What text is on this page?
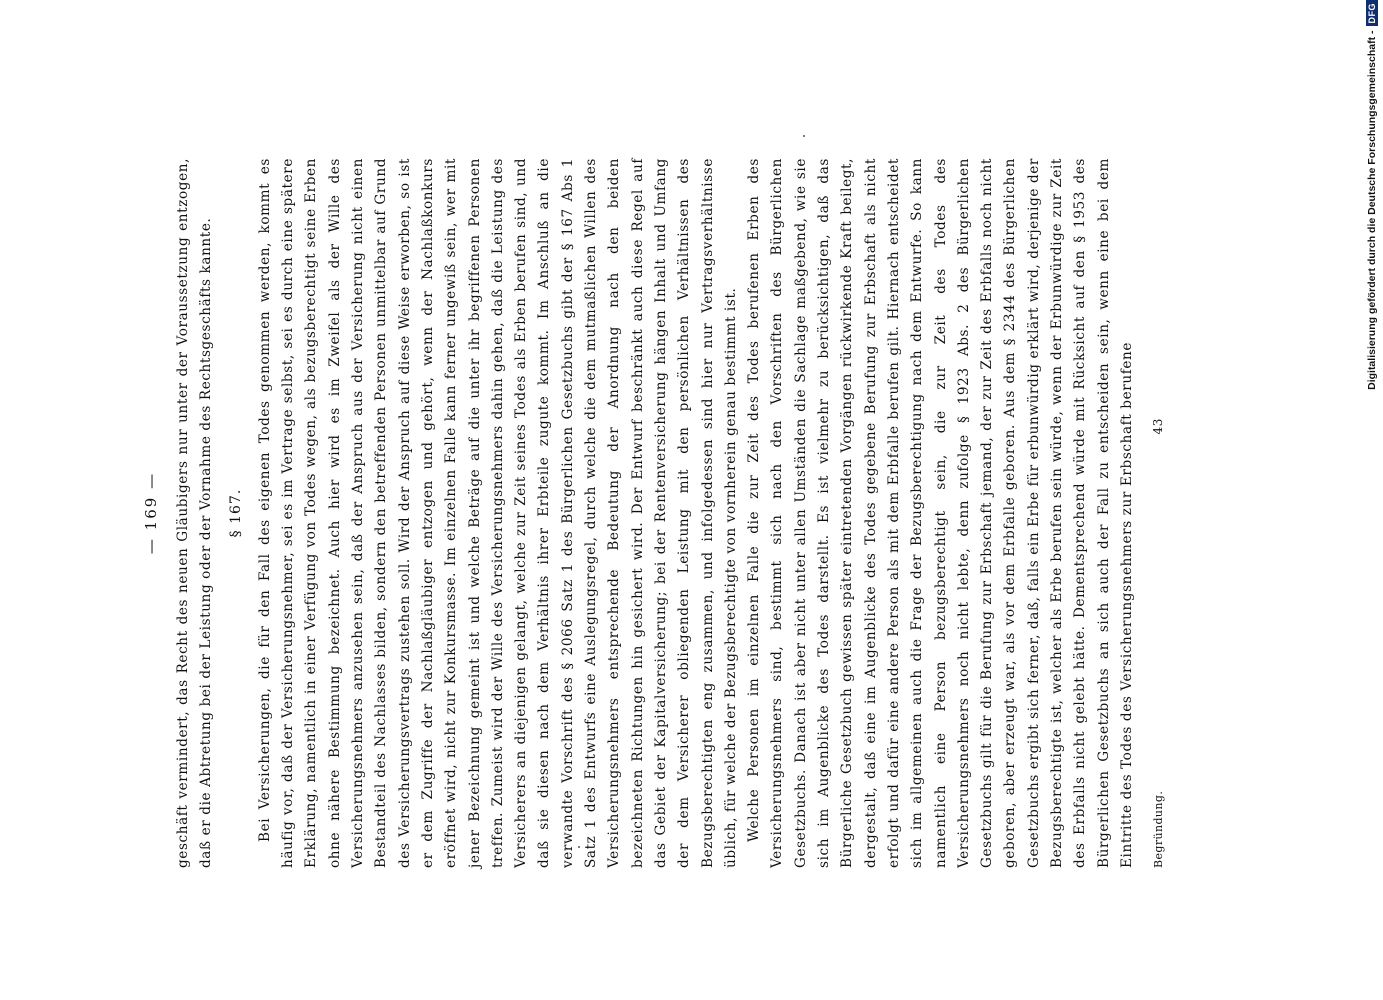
— 169 —	geschäft vermindert, das Recht des neuen Gläubigers nur unter der Voraussetzung entzogen, daß er die Abtretung bei der Leistung oder der Vornahme des Rechtsgeschäfts kannte. § 167. Bei Versicherungen, die für den Fall des eigenen Todes genommen werden, kommt es häufig vor, daß der Versicherungsnehmer, sei es im Vertrage selbst, sei es durch eine spätere Erklärung, namentlich in einer Verfügung von Todes wegen, als bezugsberechtigt seine Erben ohne nähere Bestimmung bezeichnet. Auch hier wird es im Zweifel als der Wille des Versicherungsnehmers anzusehen sein, daß der Anspruch aus der Versicherung nicht einen Bestandteil des Nachlasses bilden, sondern den betreffenden Personen unmittelbar auf Grund des Versicherungsvertrags zustehen soll. Wird der Anspruch auf diese Weise erworben, so ist er dem Zugriffe der Nachlaßgläubiger entzogen und gehört, wenn der Nachlaßkonkurs eröffnet wird, nicht zur Konkursmasse. Im einzelnen Falle kann ferner ungewiß sein, wer mit jener Bezeichnung gemeint ist und welche Beträge auf die unter ihr begriffenen Personen treffen. Zumeist wird der Wille des Versicherungsnehmers dahin gehen, daß die Leistung des Versicherers an diejenigen gelangt, welche zur Zeit seines Todes als Erben berufen sind, und daß sie diesen nach dem Verhältnis ihrer Erbteile zugute kommt. Im Anschluß an die verwandte Vorschrift des § 2066 Satz 1 des Bürgerlichen Gesetzbuchs gibt der § 167 Abs 1 Satz 1 des Entwurfs eine Auslegungsregel, durch welche die dem mutmaßlichen Willen des Versicherungsnehmers entsprechende Bedeutung der Anordnung nach den beiden bezeichneten Richtungen hin gesichert wird. Der Entwurf beschränkt auch diese Regel auf das Gebiet der Kapitalversicherung; bei der Rentenversicherung hängen Inhalt und Umfang der dem Versicherer obliegenden Leistung mit den persönlichen Verhältnissen des Bezugsberechtigten eng zusammen, und infolgedessen sind hier nur Vertragsverhältnisse üblich, für welche der Bezugsberechtigte von vornherein genau bestimmt ist. Welche Personen im einzelnen Falle die zur Zeit des Todes berufenen Erben des Versicherungsnehmers sind, bestimmt sich nach den Vorschriften des Bürgerlichen Gesetzbuchs. Danach ist aber nicht unter allen Umständen die Sachlage maßgebend, wie sie sich im Augenblicke des Todes darstellt. Es ist vielmehr zu berücksichtigen, daß das Bürgerliche Gesetzbuch gewissen später eintretenden Vorgängen rückwirkende Kraft beilegt, dergestalt, daß eine im Augenblicke des Todes gegebene Berufung zur Erbschaft als nicht erfolgt und dafür eine andere Person als mit dem Erbfalle berufen gilt. Hiernach entscheidet sich im allgemeinen auch die Frage der Bezugsberechtigung nach dem Entwurfe. So kann namentlich eine Person bezugsberechtigt sein, die zur Zeit des Todes des Versicherungsnehmers noch nicht lebte, denn zufolge § 1923 Abs. 2 des Bürgerlichen Gesetzbuchs gilt für die Berufung zur Erbschaft jemand, der zur Zeit des Erbfalls noch nicht geboren, aber erzeugt war, als vor dem Erbfalle geboren. Aus dem § 2344 des Bürgerlichen Gesetzbuchs ergibt sich ferner, daß, falls ein Erbe für erbunwürdig erklärt wird, derjenige der Bezugsberechtigte ist, welcher als Erbe berufen sein würde, wenn der Erbunwürdige zur Zeit des Erbfalls nicht gelebt hätte. Dementsprechend würde mit Rücksicht auf den § 1953 des Bürgerlichen Gesetzbuchs an sich auch der Fall zu entscheiden sein, wenn eine bei dem Eintritte des Todes des Versicherungsnehmers zur Erbschaft berufene	Begründung.
43
Digitalisierung gefördert durch die Deutsche Forschungsgemeinschaft -
DFG
